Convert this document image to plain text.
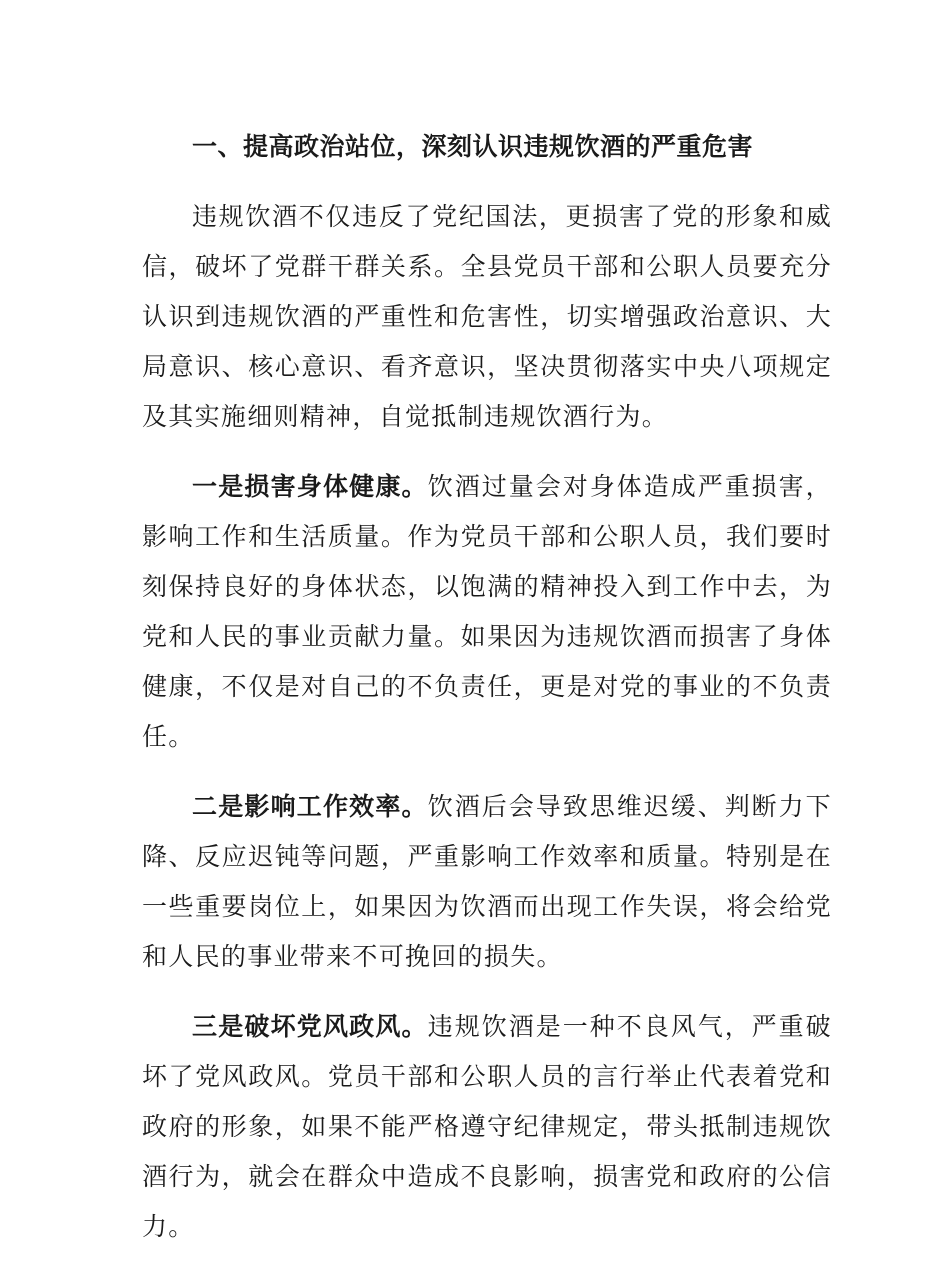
一、提高政治站位，深刻认识违规饮酒的严重危害

违规饮酒不仅违反了党纪国法，更损害了党的形象和威信，破坏了党群干群关系。全县党员干部和公职人员要充分认识到违规饮酒的严重性和危害性，切实增强政治意识、大局意识、核心意识、看齐意识，坚决贯彻落实中央八项规定及其实施细则精神，自觉抵制违规饮酒行为。

一是损害身体健康。饮酒过量会对身体造成严重损害，影响工作和生活质量。作为党员干部和公职人员，我们要时刻保持良好的身体状态，以饱满的精神投入到工作中去，为党和人民的事业贡献力量。如果因为违规饮酒而损害了身体健康，不仅是对自己的不负责任，更是对党的事业的不负责任。

二是影响工作效率。饮酒后会导致思维迟缓、判断力下降、反应迟钝等问题，严重影响工作效率和质量。特别是在一些重要岗位上，如果因为饮酒而出现工作失误，将会给党和人民的事业带来不可挽回的损失。

三是破坏党风政风。违规饮酒是一种不良风气，严重破坏了党风政风。党员干部和公职人员的言行举止代表着党和政府的形象，如果不能严格遵守纪律规定，带头抵制违规饮酒行为，就会在群众中造成不良影响，损害党和政府的公信力。
